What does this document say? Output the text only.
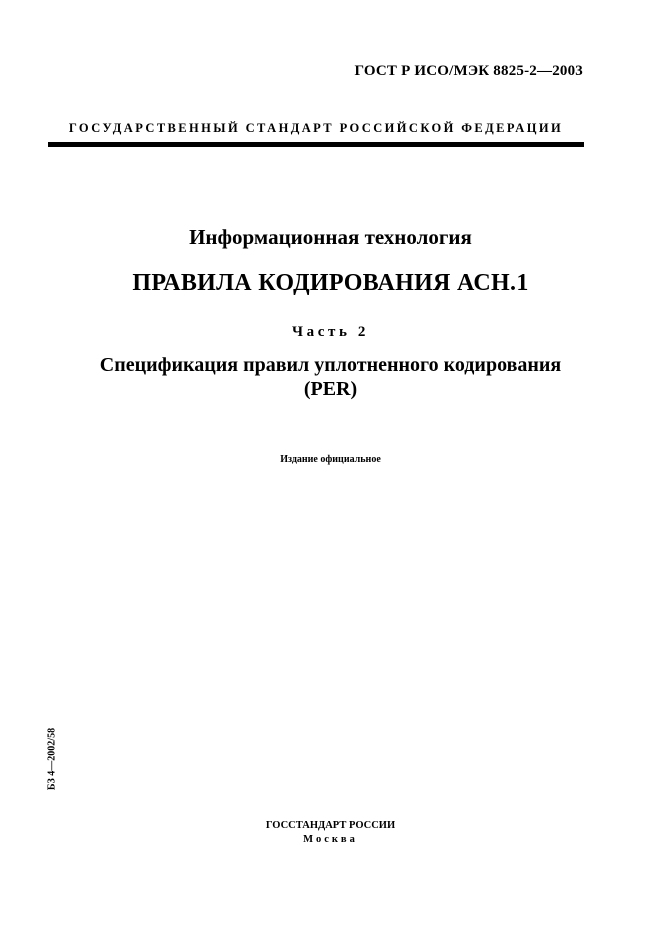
ГОСТ Р ИСО/МЭК 8825-2—2003
ГОСУДАРСТВЕННЫЙ СТАНДАРТ РОССИЙСКОЙ ФЕДЕРАЦИИ
Информационная технология
ПРАВИЛА КОДИРОВАНИЯ АСН.1
Часть 2
Спецификация правил уплотненного кодирования
(PER)
Издание официальное
БЗ 4—2002/58
ГОССТАНДАРТ РОССИИ
Москва
